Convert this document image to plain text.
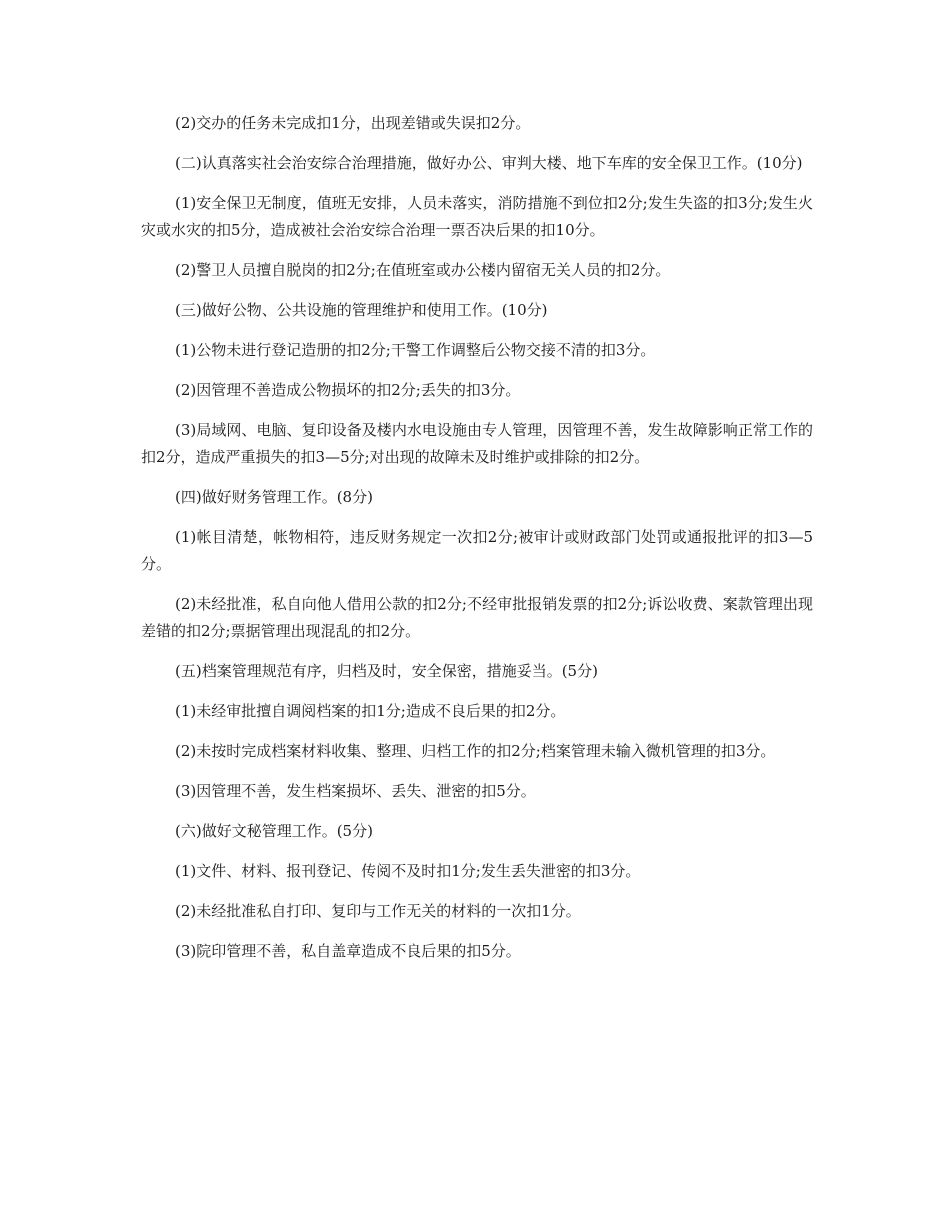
(2)交办的任务未完成扣1分，出现差错或失误扣2分。

(二)认真落实社会治安综合治理措施，做好办公、审判大楼、地下车库的安全保卫工作。(10分)

(1)安全保卫无制度，值班无安排，人员未落实，消防措施不到位扣2分;发生失盗的扣3分;发生火灾或水灾的扣5分，造成被社会治安综合治理一票否决后果的扣10分。

(2)警卫人员擅自脱岗的扣2分;在值班室或办公楼内留宿无关人员的扣2分。

(三)做好公物、公共设施的管理维护和使用工作。(10分)

(1)公物未进行登记造册的扣2分;干警工作调整后公物交接不清的扣3分。

(2)因管理不善造成公物损坏的扣2分;丢失的扣3分。

(3)局域网、电脑、复印设备及楼内水电设施由专人管理，因管理不善，发生故障影响正常工作的扣2分，造成严重损失的扣3—5分;对出现的故障未及时维护或排除的扣2分。

(四)做好财务管理工作。(8分)

(1)帐目清楚，帐物相符，违反财务规定一次扣2分;被审计或财政部门处罚或通报批评的扣3—5分。

(2)未经批准，私自向他人借用公款的扣2分;不经审批报销发票的扣2分;诉讼收费、案款管理出现差错的扣2分;票据管理出现混乱的扣2分。

(五)档案管理规范有序，归档及时，安全保密，措施妥当。(5分)

(1)未经审批擅自调阅档案的扣1分;造成不良后果的扣2分。

(2)未按时完成档案材料收集、整理、归档工作的扣2分;档案管理未输入微机管理的扣3分。

(3)因管理不善，发生档案损坏、丢失、泄密的扣5分。

(六)做好文秘管理工作。(5分)

(1)文件、材料、报刊登记、传阅不及时扣1分;发生丢失泄密的扣3分。

(2)未经批准私自打印、复印与工作无关的材料的一次扣1分。

(3)院印管理不善，私自盖章造成不良后果的扣5分。
